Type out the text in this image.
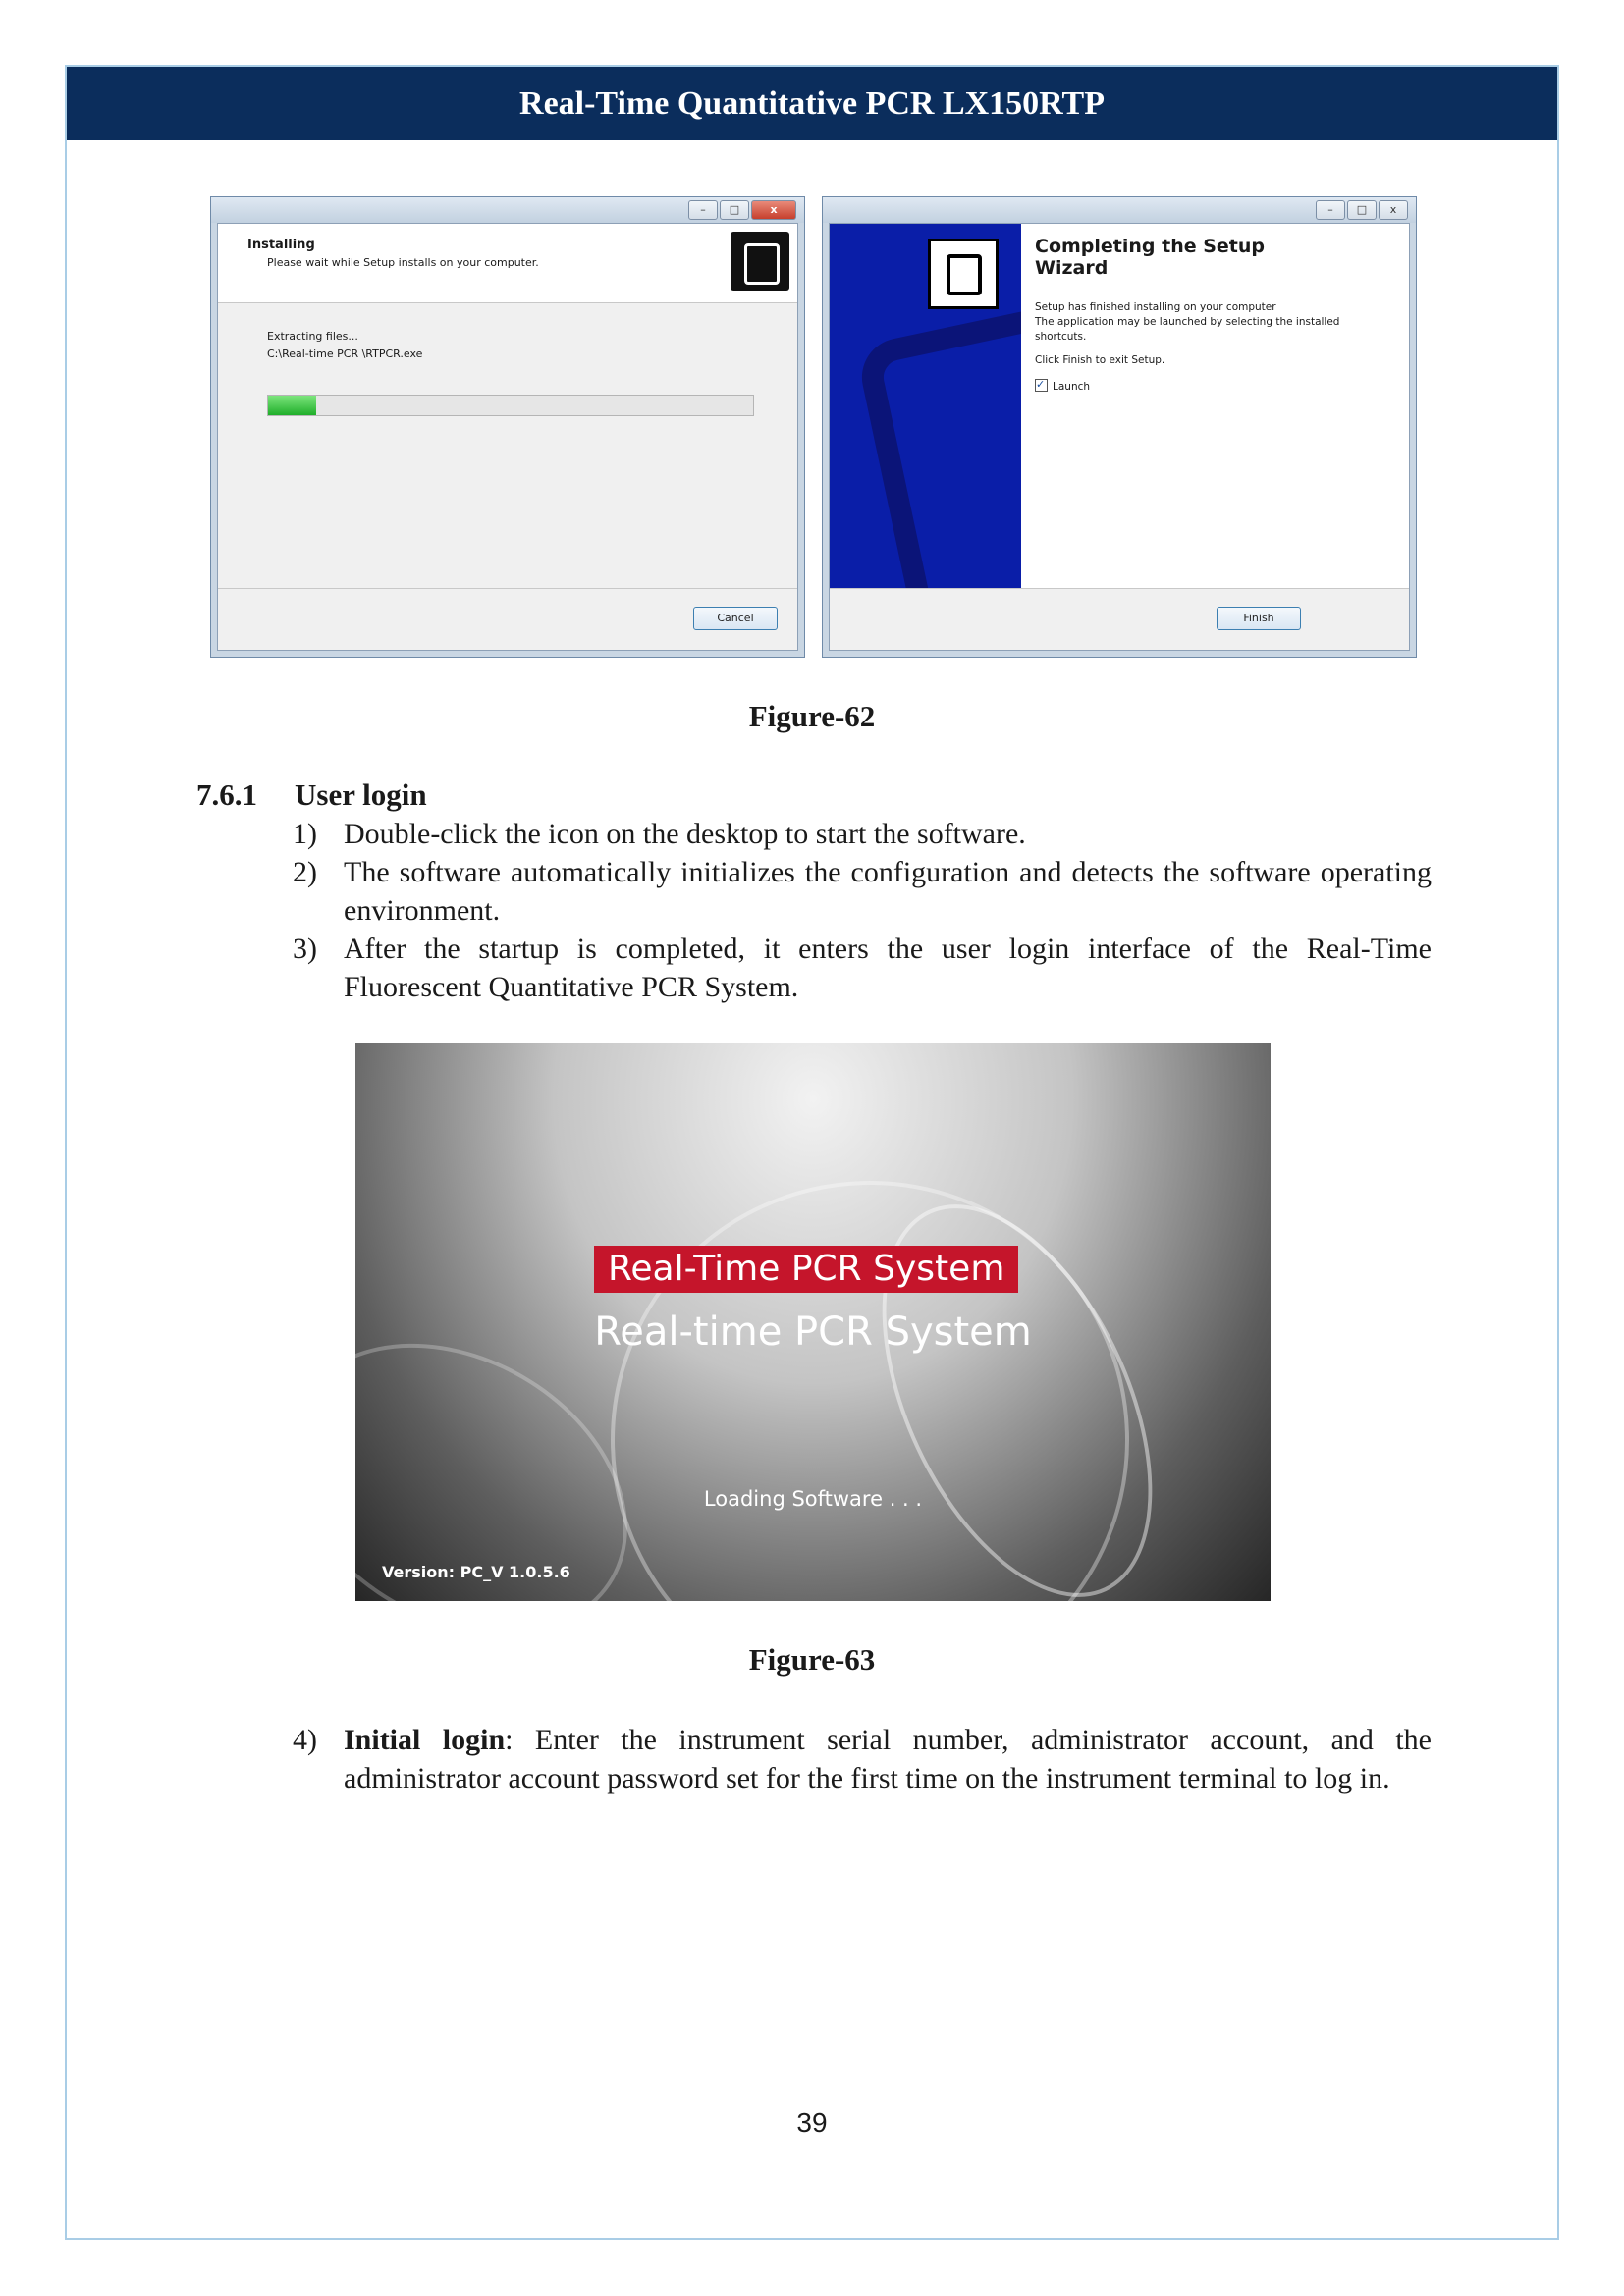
Real-Time Quantitative PCR LX150RTP
–	□	x
Installing
Please wait while Setup installs on your computer.
Extracting files...
C:\Real-time PCR \RTPCR.exe
Cancel
–	□	x
Completing the Setup
Wizard
Setup has finished installing on your computer
The application may be launched by selecting the installed shortcuts.
Click Finish to exit Setup.
✓Launch
Finish
Figure-62
7.6.1 User login
1) Double-click the icon on the desktop to start the software.
2) The software automatically initializes the configuration and detects the software operating environment.
3) After the startup is completed, it enters the user login interface of the Real-Time Fluorescent Quantitative PCR System.
Real-Time PCR System
Real-time PCR System
Loading Software . . .
Version: PC_V 1.0.5.6
Figure-63
4) Initial login: Enter the instrument serial number, administrator account, and the administrator account password set for the first time on the instrument terminal to log in.
39
